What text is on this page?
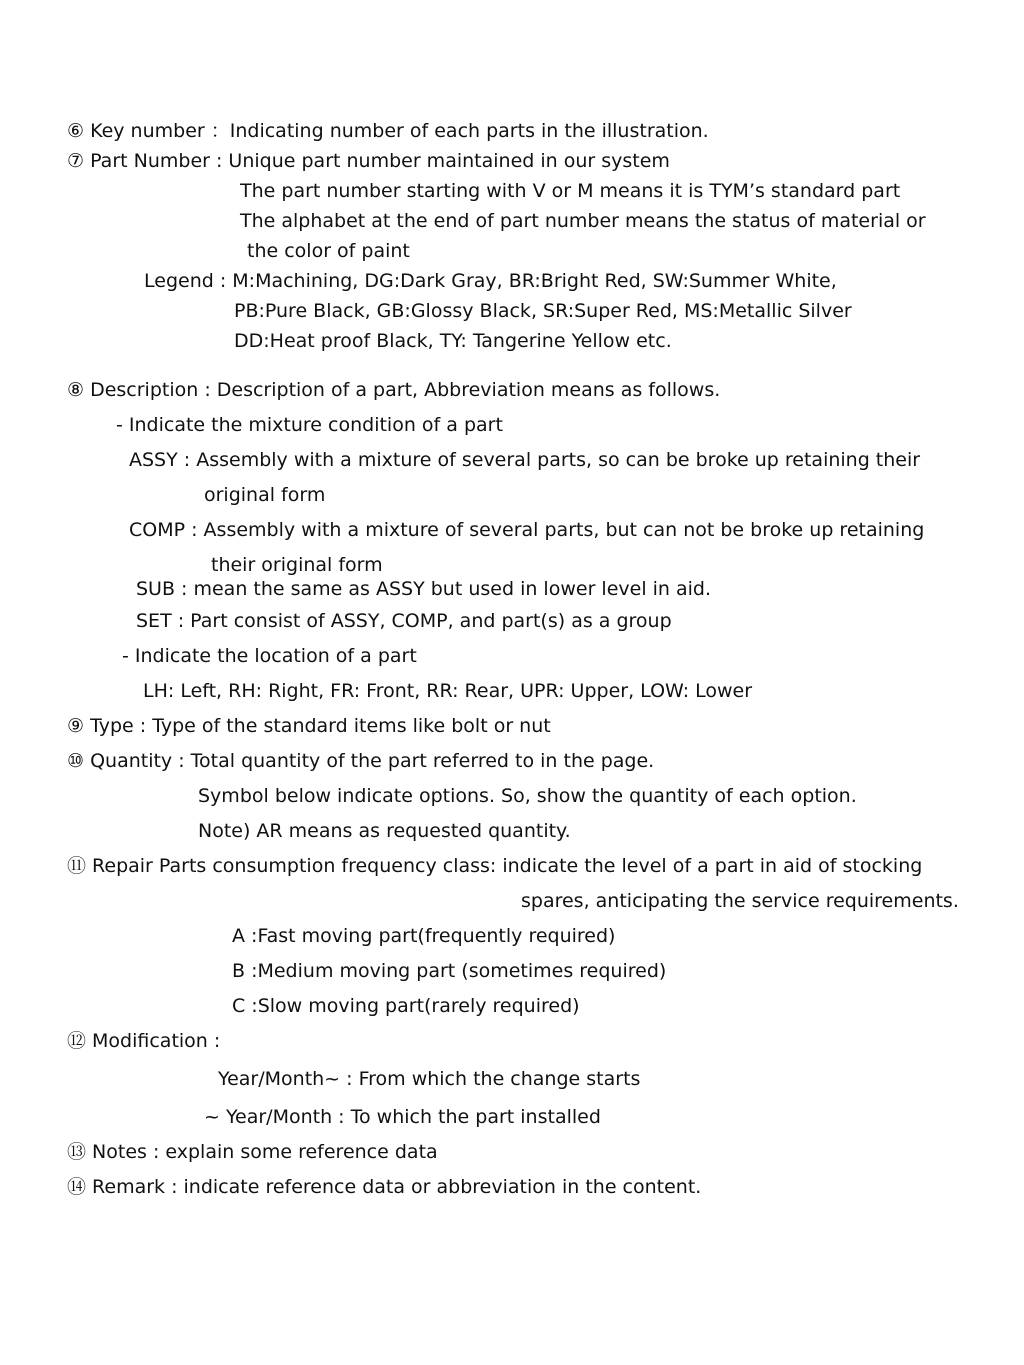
⑥ Key number ：Indicating number of each parts in the illustration.
⑦ Part Number : Unique part number maintained in our system
The part number starting with V or M means it is TYM’s standard part
The alphabet at the end of part number means the status of material or
the color of paint
Legend : M:Machining, DG:Dark Gray, BR:Bright Red, SW:Summer White,
PB:Pure Black, GB:Glossy Black, SR:Super Red, MS:Metallic Silver
DD:Heat proof Black, TY: Tangerine Yellow etc.
⑧ Description : Description of a part, Abbreviation means as follows.
- Indicate the mixture condition of a part
ASSY : Assembly with a mixture of several parts, so can be broke up retaining their
original form
COMP : Assembly with a mixture of several parts, but can not be broke up retaining
their original form
SUB : mean the same as ASSY but used in lower level in aid.
SET : Part consist of ASSY, COMP, and part(s) as a group
- Indicate the location of a part
LH: Left, RH: Right, FR: Front, RR: Rear, UPR: Upper, LOW: Lower
⑨ Type : Type of the standard items like bolt or nut
⑩ Quantity : Total quantity of the part referred to in the page.
Symbol below indicate options. So, show the quantity of each option.
Note) AR means as requested quantity.
⑪ Repair Parts consumption frequency class: indicate the level of a part in aid of stocking
spares, anticipating the service requirements.
A :Fast moving part(frequently required)
B :Medium moving part (sometimes required)
C :Slow moving part(rarely required)
⑫ Modification :
Year/Month~ : From which the change starts
~ Year/Month : To which the part installed
⑬ Notes : explain some reference data
⑭ Remark : indicate reference data or abbreviation in the content.
